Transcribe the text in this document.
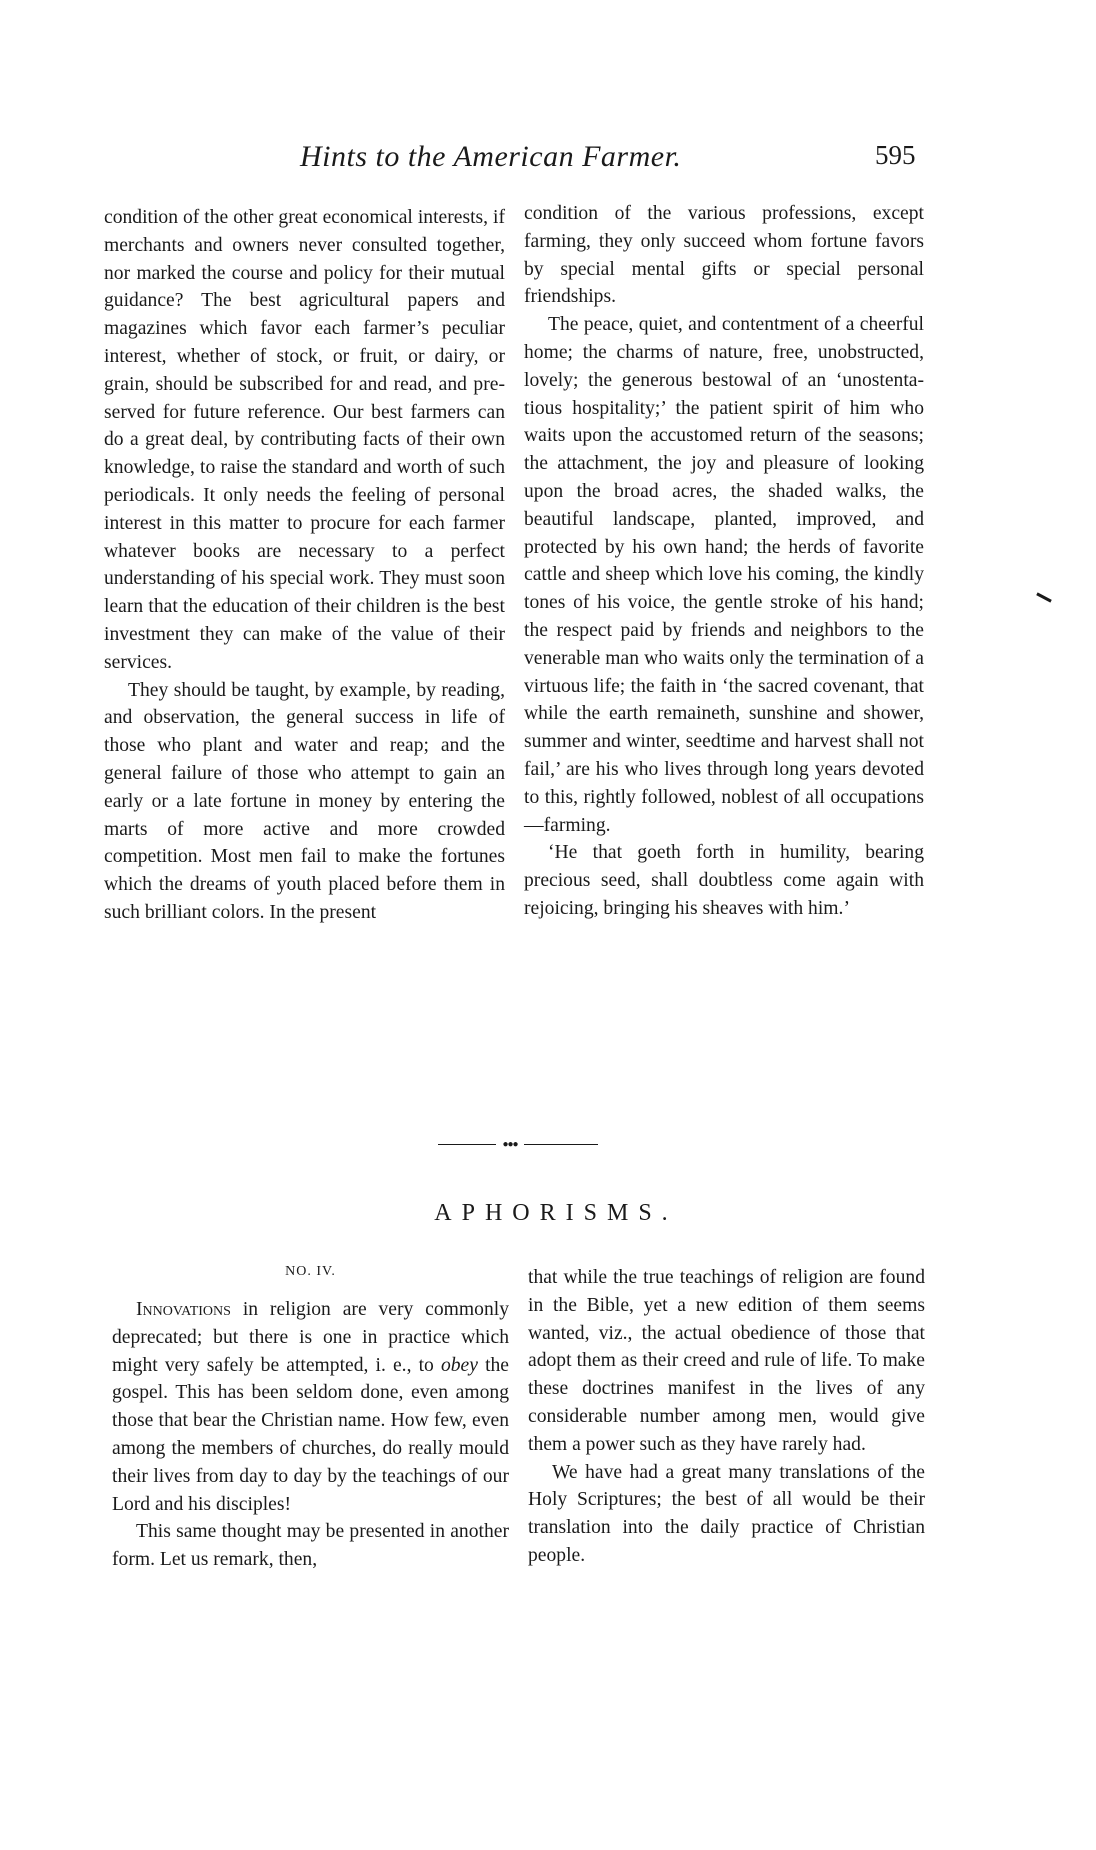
Hints to the American Farmer.	595

condition of the other great economical interests, if merchants and owners never consulted together, nor marked the course and policy for their mutual guidance? The best agricultural papers and magazines which favor each farmer’s peculiar interest, whether of stock, or fruit, or dairy, or grain, should be subscribed for and read, and preserved for future reference. Our best farmers can do a great deal, by contributing facts of their own knowledge, to raise the standard and worth of such periodicals. It only needs the feeling of personal interest in this matter to procure for each farmer whatever books are necessary to a perfect understanding of his special work. They must soon learn that the education of their children is the best investment they can make of the value of their services.

They should be taught, by example, by reading, and observation, the general success in life of those who plant and water and reap; and the general failure of those who attempt to gain an early or a late fortune in money by entering the marts of more active and more crowded competition. Most men fail to make the fortunes which the dreams of youth placed before them in such brilliant colors. In the present

condition of the various professions, except farming, they only succeed whom fortune favors by special mental gifts or special personal friendships.

The peace, quiet, and contentment of a cheerful home; the charms of nature, free, unobstructed, lovely; the generous bestowal of an ‘unostentatious hospitality;’ the patient spirit of him who waits upon the accustomed return of the seasons; the attachment, the joy and pleasure of looking upon the broad acres, the shaded walks, the beautiful landscape, planted, improved, and protected by his own hand; the herds of favorite cattle and sheep which love his coming, the kindly tones of his voice, the gentle stroke of his hand; the respect paid by friends and neighbors to the venerable man who waits only the termination of a virtuous life; the faith in ‘the sacred covenant, that while the earth remaineth, sunshine and shower, summer and winter, seedtime and harvest shall not fail,’ are his who lives through long years devoted to this, rightly followed, noblest of all occupations—farming.

‘He that goeth forth in humility, bearing precious seed, shall doubtless come again with rejoicing, bringing his sheaves with him.’

●●●
APHORISMS.
NO. IV.

Innovations in religion are very commonly deprecated; but there is one in practice which might very safely be attempted, i. e., to obey the gospel. This has been seldom done, even among those that bear the Christian name. How few, even among the members of churches, do really mould their lives from day to day by the teachings of our Lord and his disciples!

This same thought may be presented in another form. Let us remark, then,

that while the true teachings of religion are found in the Bible, yet a new edition of them seems wanted, viz., the actual obedience of those that adopt them as their creed and rule of life. To make these doctrines manifest in the lives of any considerable number among men, would give them a power such as they have rarely had.

We have had a great many translations of the Holy Scriptures; the best of all would be their translation into the daily practice of Christian people.
